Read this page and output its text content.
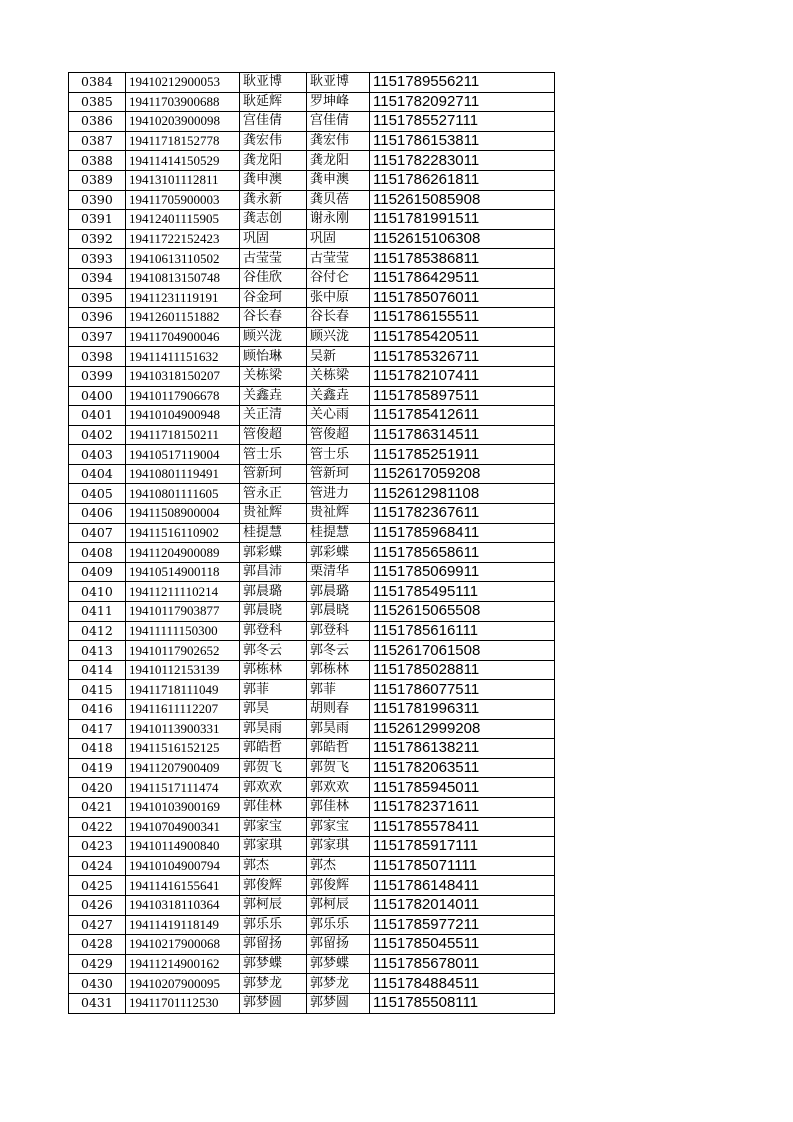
0384	19410212900053	耿亚博	耿亚博	1151789556211
0385	19411703900688	耿延辉	罗坤峰	1151782092711
0386	19410203900098	宫佳倩	宫佳倩	1151785527111
0387	19411718152778	龚宏伟	龚宏伟	1151786153811
0388	19411414150529	龚龙阳	龚龙阳	1151782283011
0389	19413101112811	龚申澳	龚申澳	1151786261811
0390	19411705900003	龚永新	龚贝蓓	1152615085908
0391	19412401115905	龚志创	谢永刚	1151781991511
0392	19411722152423	巩固	巩固	1152615106308
0393	19410613110502	古莹莹	古莹莹	1151785386811
0394	19410813150748	谷佳欣	谷付仑	1151786429511
0395	19411231119191	谷金珂	张中原	1151785076011
0396	19412601151882	谷长春	谷长春	1151786155511
0397	19411704900046	顾兴泷	顾兴泷	1151785420511
0398	19411411151632	顾怡琳	吴新	1151785326711
0399	19410318150207	关栋梁	关栋梁	1151782107411
0400	19410117906678	关鑫垚	关鑫垚	1151785897511
0401	19410104900948	关正清	关心雨	1151785412611
0402	19411718150211	管俊超	管俊超	1151786314511
0403	19410517119004	管士乐	管士乐	1151785251911
0404	19410801119491	管新珂	管新珂	1152617059208
0405	19410801111605	管永正	管进力	1152612981108
0406	19411508900004	贵祉辉	贵祉辉	1151782367611
0407	19411516110902	桂提慧	桂提慧	1151785968411
0408	19411204900089	郭彩蝶	郭彩蝶	1151785658611
0409	19410514900118	郭昌沛	栗清华	1151785069911
0410	19411211110214	郭晨璐	郭晨璐	1151785495111
0411	19410117903877	郭晨晓	郭晨晓	1152615065508
0412	19411111150300	郭登科	郭登科	1151785616111
0413	19410117902652	郭冬云	郭冬云	1152617061508
0414	19410112153139	郭栋林	郭栋林	1151785028811
0415	19411718111049	郭菲	郭菲	1151786077511
0416	19411611112207	郭昊	胡则春	1151781996311
0417	19410113900331	郭昊雨	郭昊雨	1152612999208
0418	19411516152125	郭皓哲	郭皓哲	1151786138211
0419	19411207900409	郭贺飞	郭贺飞	1151782063511
0420	19411517111474	郭欢欢	郭欢欢	1151785945011
0421	19410103900169	郭佳林	郭佳林	1151782371611
0422	19410704900341	郭家宝	郭家宝	1151785578411
0423	19410114900840	郭家琪	郭家琪	1151785917111
0424	19410104900794	郭杰	郭杰	1151785071111
0425	19411416155641	郭俊辉	郭俊辉	1151786148411
0426	19410318110364	郭柯辰	郭柯辰	1151782014011
0427	19411419118149	郭乐乐	郭乐乐	1151785977211
0428	19410217900068	郭留扬	郭留扬	1151785045511
0429	19411214900162	郭梦蝶	郭梦蝶	1151785678011
0430	19410207900095	郭梦龙	郭梦龙	1151784884511
0431	19411701112530	郭梦圆	郭梦圆	1151785508111
